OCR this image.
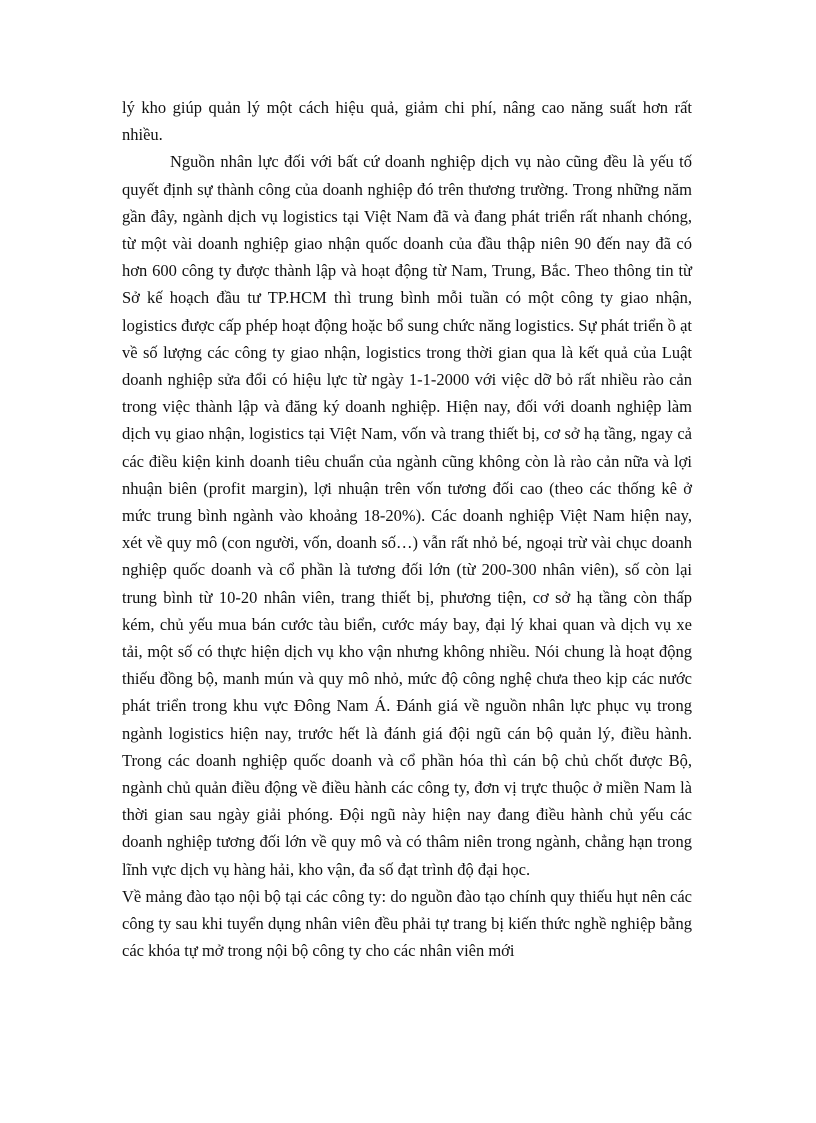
lý kho giúp quản lý một cách hiệu quả, giảm chi phí, nâng cao năng suất hơn rất nhiều.

Nguồn nhân lực đối với bất cứ doanh nghiệp dịch vụ nào cũng đều là yếu tố quyết định sự thành công của doanh nghiệp đó trên thương trường. Trong những năm gần đây, ngành dịch vụ logistics tại Việt Nam đã và đang phát triển rất nhanh chóng, từ một vài doanh nghiệp giao nhận quốc doanh của đầu thập niên 90 đến nay đã có hơn 600 công ty được thành lập và hoạt động từ Nam, Trung, Bắc. Theo thông tin từ Sở kế hoạch đầu tư TP.HCM thì trung bình mỗi tuần có một công ty giao nhận, logistics được cấp phép hoạt động hoặc bổ sung chức năng logistics. Sự phát triển ồ ạt về số lượng các công ty giao nhận, logistics trong thời gian qua là kết quả của Luật doanh nghiệp sửa đổi có hiệu lực từ ngày 1-1-2000 với việc dỡ bỏ rất nhiều rào cản trong việc thành lập và đăng ký doanh nghiệp. Hiện nay, đối với doanh nghiệp làm dịch vụ giao nhận, logistics tại Việt Nam, vốn và trang thiết bị, cơ sở hạ tầng, ngay cả các điều kiện kinh doanh tiêu chuẩn của ngành cũng không còn là rào cản nữa và lợi nhuận biên (profit margin), lợi nhuận trên vốn tương đối cao (theo các thống kê ở mức trung bình ngành vào khoảng 18-20%). Các doanh nghiệp Việt Nam hiện nay, xét về quy mô (con người, vốn, doanh số…) vẫn rất nhỏ bé, ngoại trừ vài chục doanh nghiệp quốc doanh và cổ phần là tương đối lớn (từ 200-300 nhân viên), số còn lại trung bình từ 10-20 nhân viên, trang thiết bị, phương tiện, cơ sở hạ tầng còn thấp kém, chủ yếu mua bán cước tàu biển, cước máy bay, đại lý khai quan và dịch vụ xe tải, một số có thực hiện dịch vụ kho vận nhưng không nhiều. Nói chung là hoạt động thiếu đồng bộ, manh mún và quy mô nhỏ, mức độ công nghệ chưa theo kịp các nước phát triển trong khu vực Đông Nam Á. Đánh giá về nguồn nhân lực phục vụ trong ngành logistics hiện nay, trước hết là đánh giá đội ngũ cán bộ quản lý, điều hành. Trong các doanh nghiệp quốc doanh và cổ phần hóa thì cán bộ chủ chốt được Bộ, ngành chủ quản điều động về điều hành các công ty, đơn vị trực thuộc ở miền Nam là thời gian sau ngày giải phóng. Đội ngũ này hiện nay đang điều hành chủ yếu các doanh nghiệp tương đối lớn về quy mô và có thâm niên trong ngành, chẳng hạn trong lĩnh vực dịch vụ hàng hải, kho vận, đa số đạt trình độ đại học.

Về mảng đào tạo nội bộ tại các công ty: do nguồn đào tạo chính quy thiếu hụt nên các công ty sau khi tuyển dụng nhân viên đều phải tự trang bị kiến thức nghề nghiệp bằng các khóa tự mở trong nội bộ công ty cho các nhân viên mới
